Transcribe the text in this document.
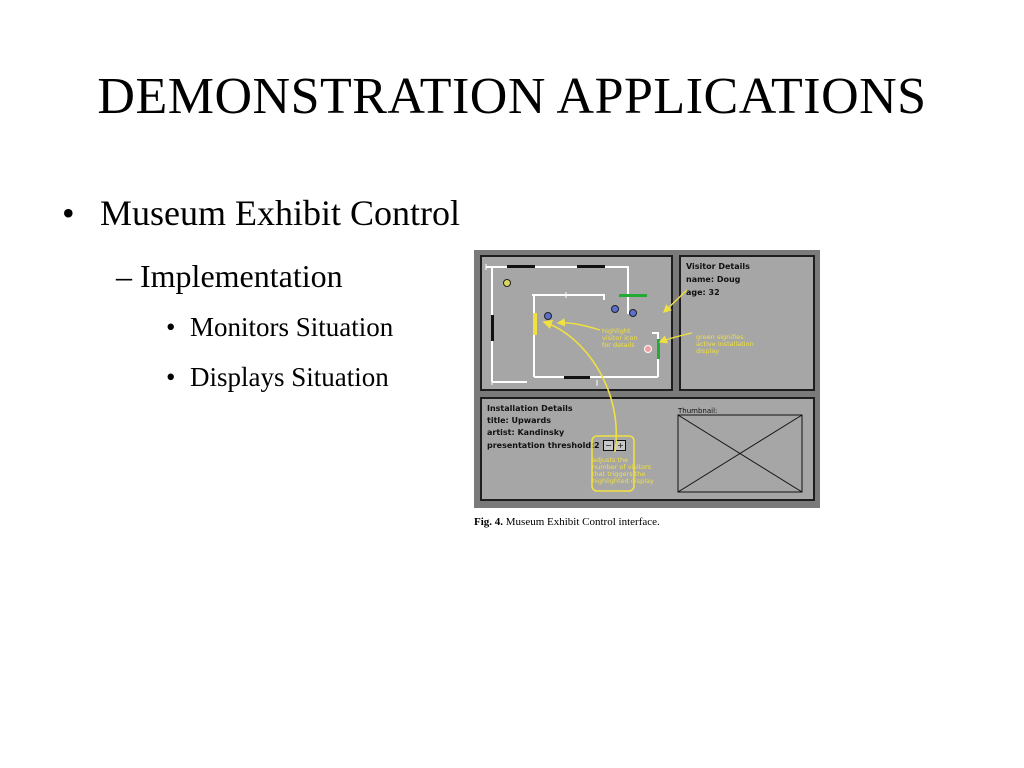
DEMONSTRATION APPLICATIONS
• Museum Exhibit Control
– Implementation
• Monitors Situation
• Displays Situation
Visitor Details
name: Doug
age: 32
Installation Details
title: Upwards
artist: Kandinsky
presentation threshold: 2 − +
Thumbnail:
highlight
visitor icon
for details
green signifies
active installation
display
adjusts the
number of visitors
that triggers the
highlighted display
Fig. 4. Museum Exhibit Control interface.
